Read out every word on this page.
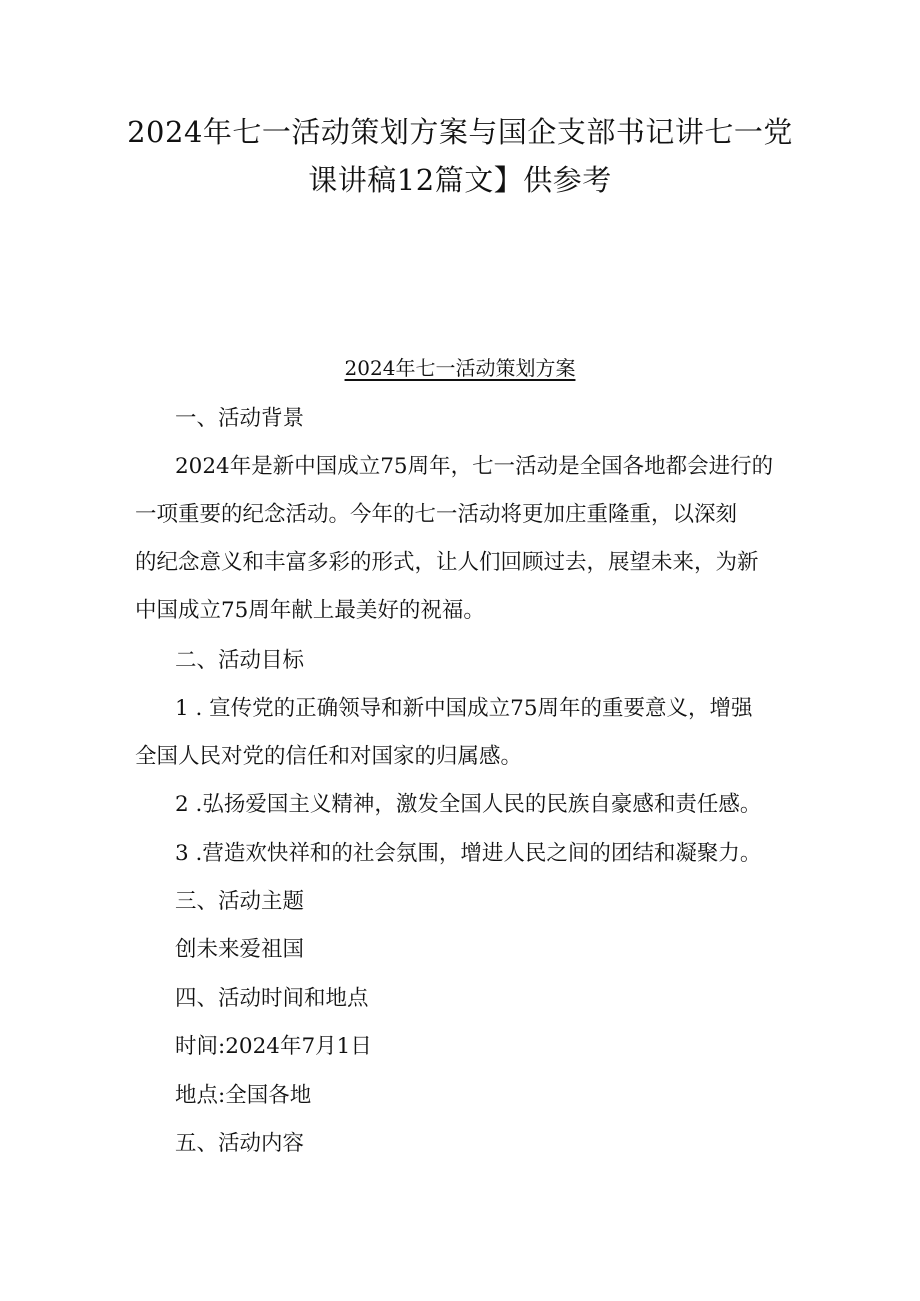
2024年七一活动策划方案与国企支部书记讲七一党
课讲稿12篇文】供参考
2024年七一活动策划方案
一、活动背景
2024年是新中国成立75周年，七一活动是全国各地都会进行的
一项重要的纪念活动。今年的七一活动将更加庄重隆重，以深刻
的纪念意义和丰富多彩的形式，让人们回顾过去，展望未来，为新
中国成立75周年献上最美好的祝福。
二、活动目标
1 . 宣传党的正确领导和新中国成立75周年的重要意义，增强
全国人民对党的信任和对国家的归属感。
2 .弘扬爱国主义精神，激发全国人民的民族自豪感和责任感。
3 .营造欢快祥和的社会氛围，增进人民之间的团结和凝聚力。
三、活动主题
创未来爱祖国
四、活动时间和地点
时间:2024年7月1日
地点:全国各地
五、活动内容
